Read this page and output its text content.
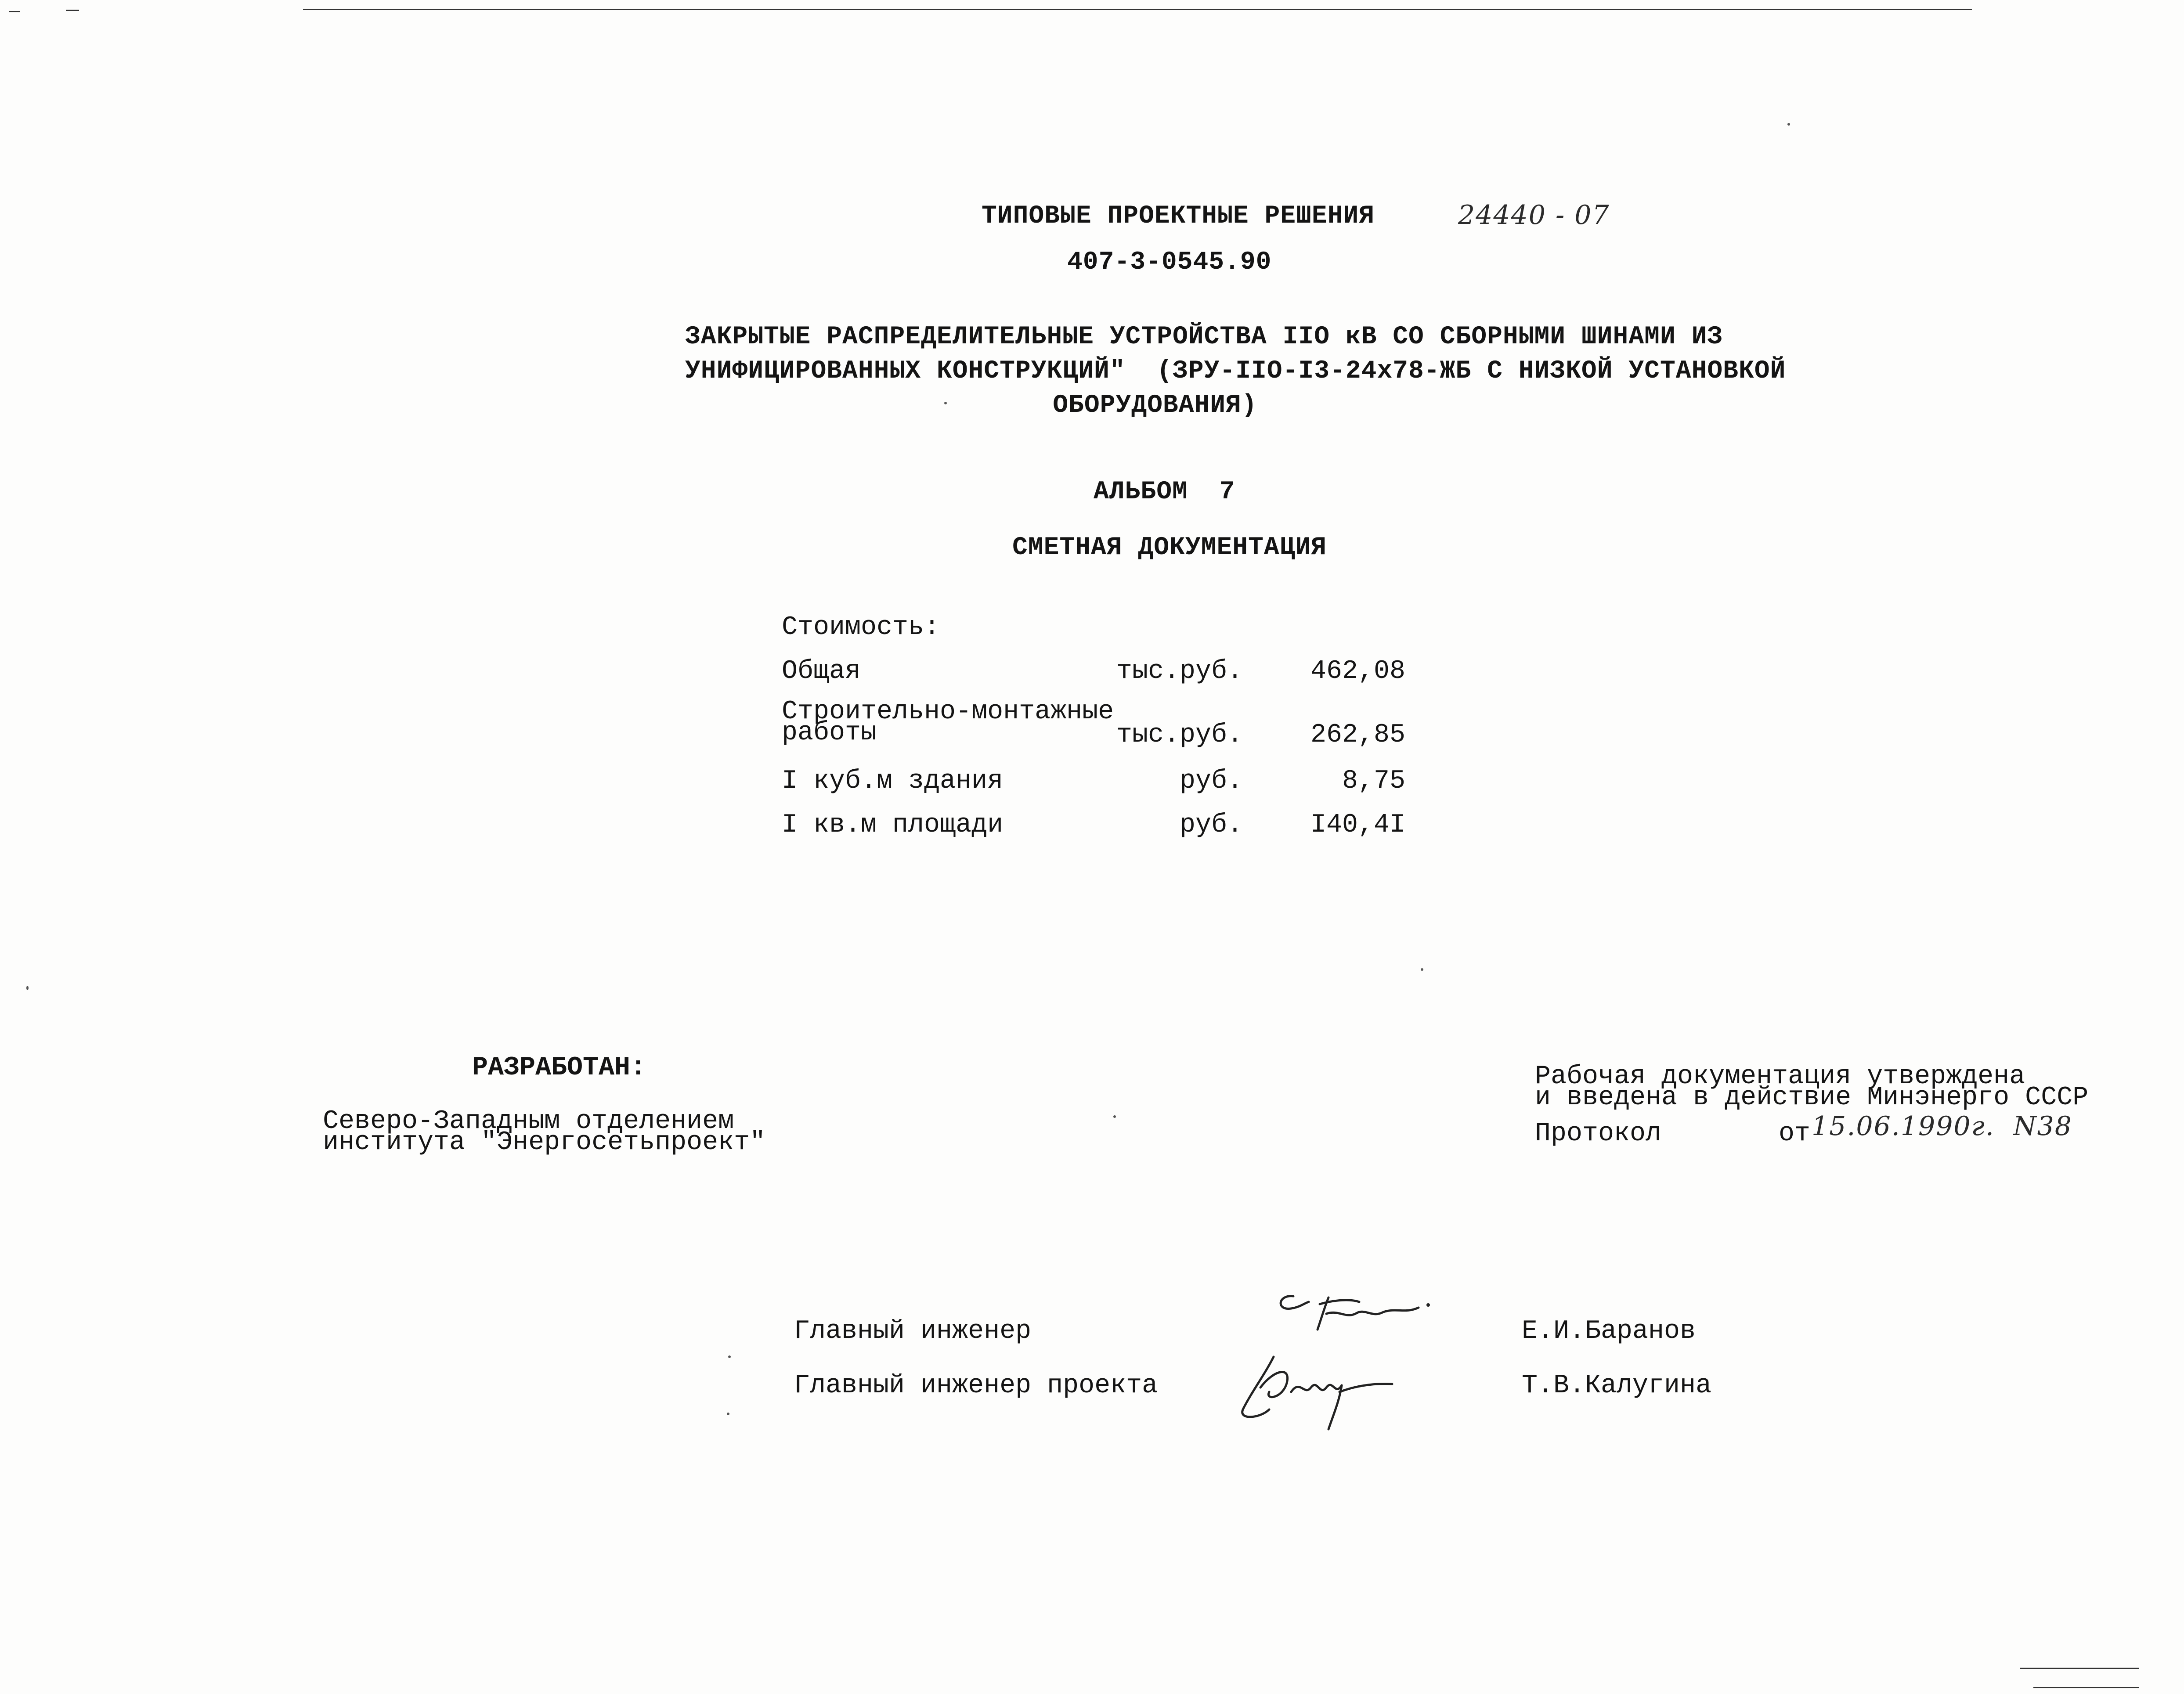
ТИПОВЫЕ ПРОЕКТНЫЕ РЕШЕНИЯ	24440 - 07
407-3-0545.90
ЗАКРЫТЫЕ РАСПРЕДЕЛИТЕЛЬНЫЕ УСТРОЙСТВА IIO кВ СО СБОРНЫМИ ШИНАМИ ИЗ
УНИФИЦИРОВАННЫХ КОНСТРУКЦИЙ"  (ЗРУ-IIO-I3-24х78-ЖБ С НИЗКОЙ УСТАНОВКОЙ
ОБОРУДОВАНИЯ)
АЛЬБОМ  7
СМЕТНАЯ ДОКУМЕНТАЦИЯ
Стоимость:
Общая	тыс.руб.	462,08
Строительно-монтажные
работы	тыс.руб.	262,85
I куб.м здания	руб.	8,75
I кв.м площади	руб.	I40,4I
РАЗРАБОТАН:
Северо-Западным отделением
института "Энергосетьпроект"
Рабочая документация утверждена
и введена в действие Минэнерго СССР
Протокол	от 15.06.1990г.  N38
Главный инженер	Е.И.Баранов
Главный инженер проекта	Т.В.Калугина
